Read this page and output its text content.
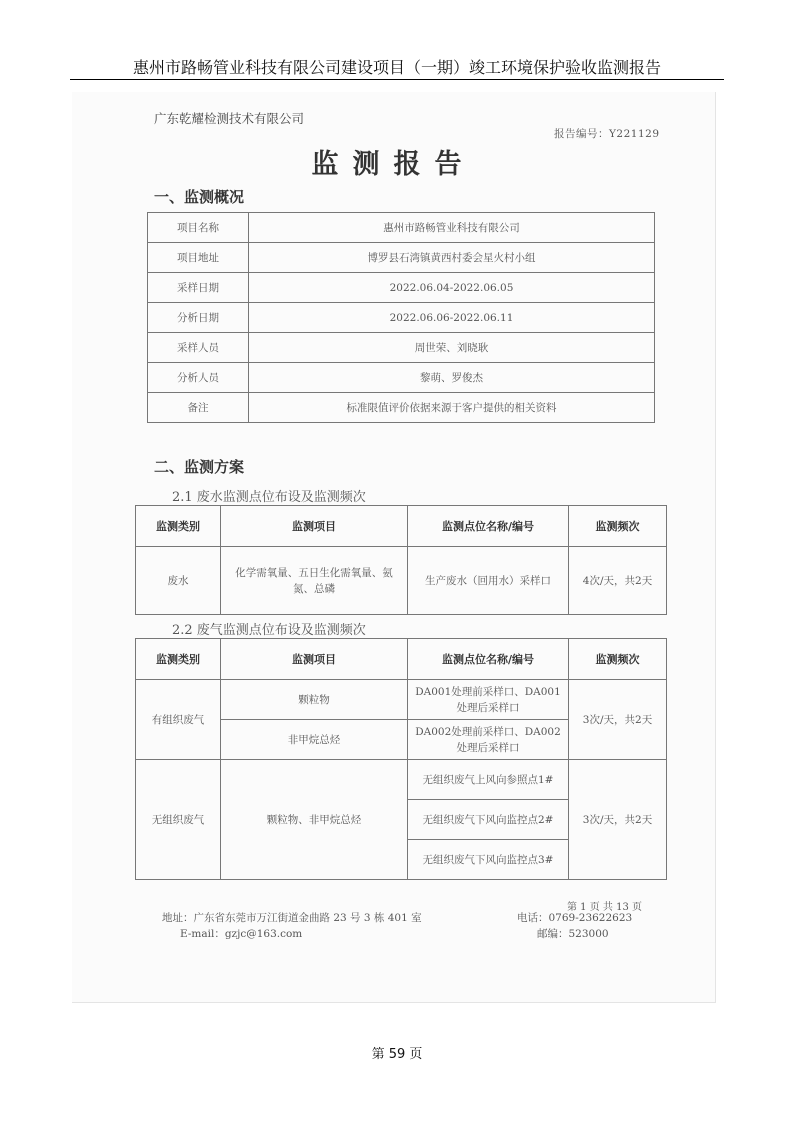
惠州市路畅管业科技有限公司建设项目（一期）竣工环境保护验收监测报告
广东乾耀检测技术有限公司
报告编号：Y221129
监测报告
一、监测概况
项目名称	惠州市路畅管业科技有限公司
项目地址	博罗县石湾镇黄西村委会星火村小组
采样日期	2022.06.04-2022.06.05
分析日期	2022.06.06-2022.06.11
采样人员	周世荣、刘晓耿
分析人员	黎萌、罗俊杰
备注	标准限值评价依据来源于客户提供的相关资料
二、监测方案
2.1 废水监测点位布设及监测频次
监测类别	监测项目	监测点位名称/编号	监测频次
废水	化学需氧量、五日生化需氧量、氨氮、总磷	生产废水（回用水）采样口	4次/天，共2天
2.2 废气监测点位布设及监测频次
监测类别	监测项目	监测点位名称/编号	监测频次
有组织废气	颗粒物	DA001处理前采样口、DA001处理后采样口	3次/天，共2天
	非甲烷总烃	DA002处理前采样口、DA002处理后采样口	
无组织废气	颗粒物、非甲烷总烃	无组织废气上风向参照点1#	3次/天，共2天
		无组织废气下风向监控点2#	
		无组织废气下风向监控点3#	
第 1 页 共 13 页
地址：广东省东莞市万江街道金曲路 23 号 3 栋 401 室	电话：0769-23622623
E-mail：gzjc@163.com	邮编：523000
第 59 页
